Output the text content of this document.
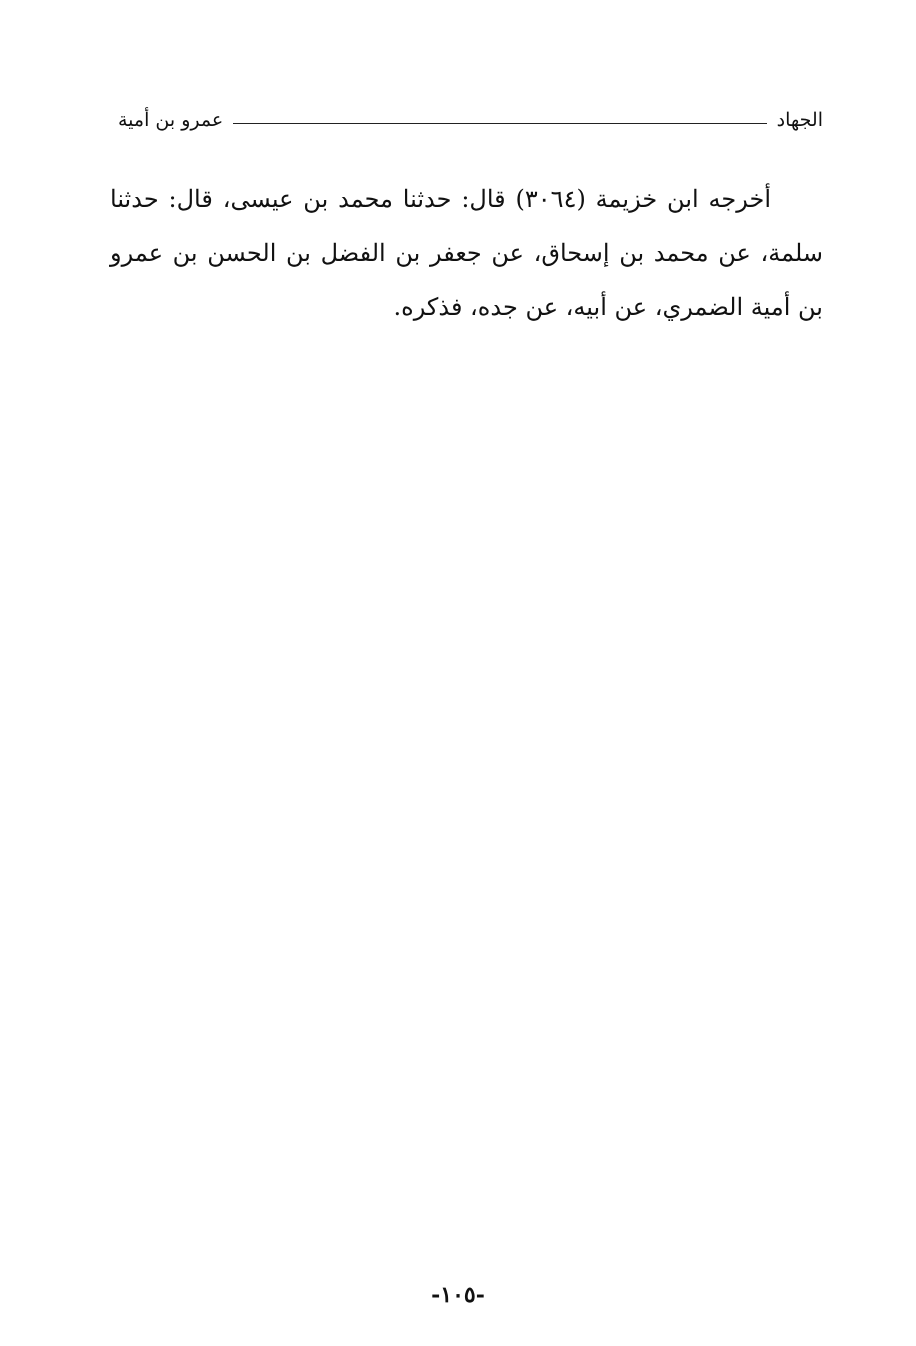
الجهاد
عمرو بن أمية

أخرجه ابن خزيمة (٣٠٦٤) قال: حدثنا محمد بن عيسى، قال: حدثنا سلمة، عن محمد بن إسحاق، عن جعفر بن الفضل بن الحسن بن عمرو بن أمية الضمري، عن أبيه، عن جده، فذكره.

-١٠٥-
